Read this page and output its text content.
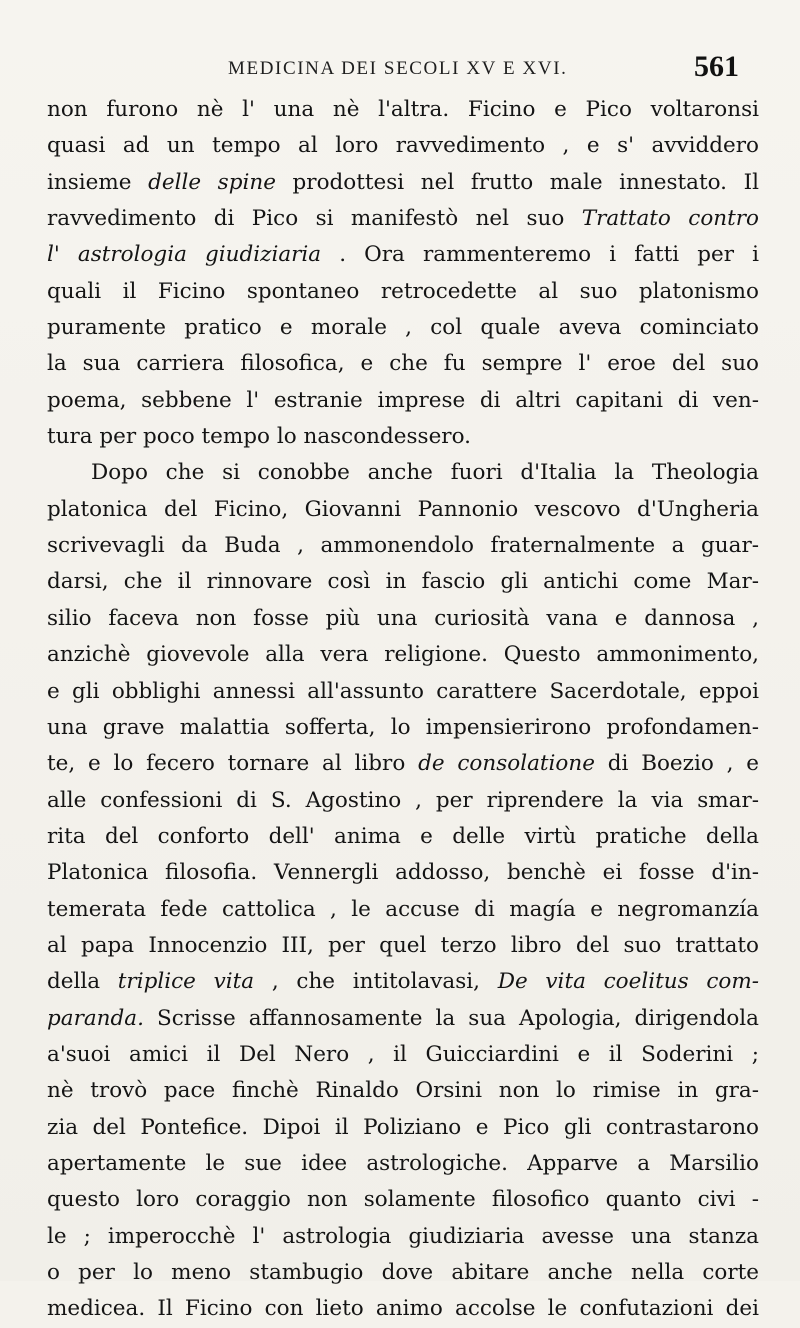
MEDICINA DEI SECOLI XV E XVI.	561
non furono nè l' una nè l'altra. Ficino e Pico voltaronsi
quasi ad un tempo al loro ravvedimento , e s' avviddero
insieme delle spine prodottesi nel frutto male innestato. Il
ravvedimento di Pico si manifestò nel suo Trattato contro
l' astrologia giudiziaria . Ora rammenteremo i fatti per i
quali il Ficino spontaneo retrocedette al suo platonismo
puramente pratico e morale , col quale aveva cominciato
la sua carriera filosofica, e che fu sempre l' eroe del suo
poema, sebbene l' estranie imprese di altri capitani di ven-
tura per poco tempo lo nascondessero.
Dopo che si conobbe anche fuori d'Italia la Theologia
platonica del Ficino, Giovanni Pannonio vescovo d'Ungheria
scrivevagli da Buda , ammonendolo fraternalmente a guar-
darsi, che il rinnovare così in fascio gli antichi come Mar-
silio faceva non fosse più una curiosità vana e dannosa ,
anzichè giovevole alla vera religione. Questo ammonimento,
e gli obblighi annessi all'assunto carattere Sacerdotale, eppoi
una grave malattia sofferta, lo impensierirono profondamen-
te, e lo fecero tornare al libro de consolatione di Boezio , e
alle confessioni di S. Agostino , per riprendere la via smar-
rita del conforto dell' anima e delle virtù pratiche della
Platonica filosofia. Vennergli addosso, benchè ei fosse d'in-
temerata fede cattolica , le accuse di magía e negromanzía
al papa Innocenzio III, per quel terzo libro del suo trattato
della triplice vita , che intitolavasi, De vita coelitus com-
paranda. Scrisse affannosamente la sua Apologia, dirigendola
a'suoi amici il Del Nero , il Guicciardini e il Soderini ;
nè trovò pace finchè Rinaldo Orsini non lo rimise in gra-
zia del Pontefice. Dipoi il Poliziano e Pico gli contrastarono
apertamente le sue idee astrologiche. Apparve a Marsilio
questo loro coraggio non solamente filosofico quanto civi -
le ; imperocchè l' astrologia giudiziaria avesse una stanza
o per lo meno stambugio dove abitare anche nella corte
medicea. Il Ficino con lieto animo accolse le confutazioni dei
